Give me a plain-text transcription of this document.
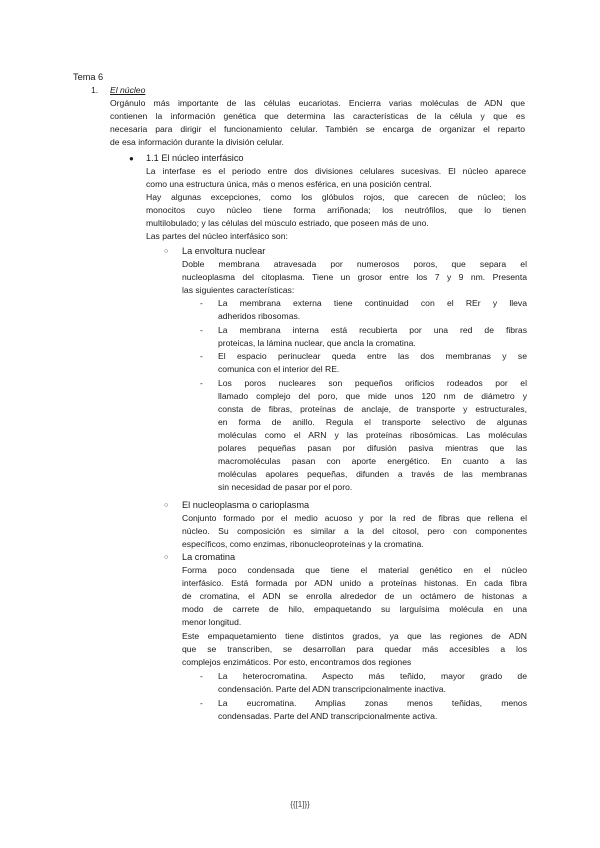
Tema 6
1. El núcleo
Orgánulo más importante de las células eucariotas. Encierra varias moléculas de ADN que
contienen la información genética que determina las características de la célula y que es
necesaria para dirigir el funcionamiento celular. También se encarga de organizar el reparto
de esa información durante la división celular.
● 1.1 El núcleo interfásico
La interfase es el periodo entre dos divisiones celulares sucesivas. El núcleo aparece
como una estructura única, más o menos esférica, en una posición central.
Hay algunas excepciones, como los glóbulos rojos, que carecen de núcleo; los
monocitos cuyo núcleo tiene forma arriñonada; los neutrófilos, que lo tienen
multilobulado; y las células del músculo estriado, que poseen más de uno.
Las partes del núcleo interfásico son:
○ La envoltura nuclear
Doble membrana atravesada por numerosos poros, que separa el
nucleoplasma del citoplasma. Tiene un grosor entre los 7 y 9 nm. Presenta
las siguientes características:
- La membrana externa tiene continuidad con el REr y lleva
adheridos ribosomas.
- La membrana interna está recubierta por una red de fibras
proteicas, la lámina nuclear, que ancla la cromatina.
- El espacio perinuclear queda entre las dos membranas y se
comunica con el interior del RE.
- Los poros nucleares son pequeños orificios rodeados por el
llamado complejo del poro, que mide unos 120 nm de diámetro y
consta de fibras, proteínas de anclaje, de transporte y estructurales,
en forma de anillo. Regula el transporte selectivo de algunas
moléculas como el ARN y las proteínas ribosómicas. Las moléculas
polares pequeñas pasan por difusión pasiva mientras que las
macromoléculas pasan con aporte energético. En cuanto a las
moléculas apolares pequeñas, difunden a través de las membranas
sin necesidad de pasar por el poro.
○ El nucleoplasma o carioplasma
Conjunto formado por el medio acuoso y por la red de fibras que rellena el
núcleo. Su composición es similar a la del citosol, pero con componentes
específicos, como enzimas, ribonucleoproteínas y la cromatina.
○ La cromatina
Forma poco condensada que tiene el material genético en el núcleo
interfásico. Está formada por ADN unido a proteínas histonas. En cada fibra
de cromatina, el ADN se enrolla alrededor de un octámero de histonas a
modo de carrete de hilo, empaquetando su larguísima molécula en una
menor longitud.
Este empaquetamiento tiene distintos grados, ya que las regiones de ADN
que se transcriben, se desarrollan para quedar más accesibles a los
complejos enzimáticos. Por esto, encontramos dos regiones
- La heterocromatina. Aspecto más teñido, mayor grado de
condensación. Parte del ADN transcripcionalmente inactiva.
- La eucromatina. Amplias zonas menos teñidas, menos
condensadas. Parte del AND transcripcionalmente activa.
{{[1]}}
